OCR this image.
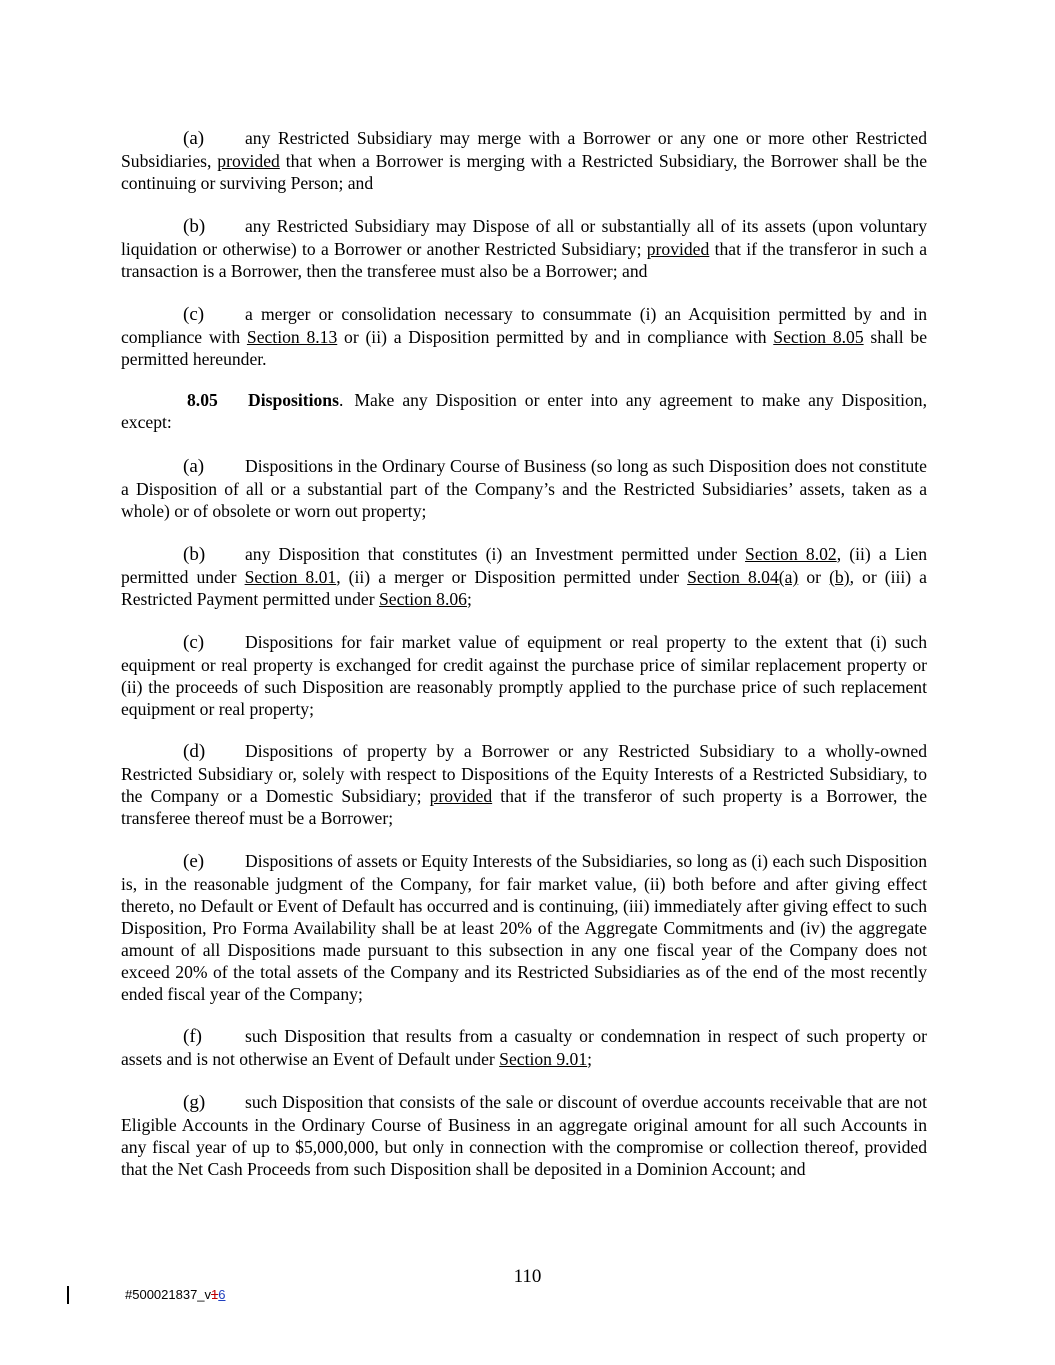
(a) any Restricted Subsidiary may merge with a Borrower or any one or more other Restricted Subsidiaries, provided that when a Borrower is merging with a Restricted Subsidiary, the Borrower shall be the continuing or surviving Person; and

(b) any Restricted Subsidiary may Dispose of all or substantially all of its assets (upon voluntary liquidation or otherwise) to a Borrower or another Restricted Subsidiary; provided that if the transferor in such a transaction is a Borrower, then the transferee must also be a Borrower; and

(c) a merger or consolidation necessary to consummate (i) an Acquisition permitted by and in compliance with Section 8.13 or (ii) a Disposition permitted by and in compliance with Section 8.05 shall be permitted hereunder.

8.05 Dispositions. Make any Disposition or enter into any agreement to make any Disposition, except:

(a) Dispositions in the Ordinary Course of Business (so long as such Disposition does not constitute a Disposition of all or a substantial part of the Company’s and the Restricted Subsidiaries’ assets, taken as a whole) or of obsolete or worn out property;

(b) any Disposition that constitutes (i) an Investment permitted under Section 8.02, (ii) a Lien permitted under Section 8.01, (ii) a merger or Disposition permitted under Section 8.04(a) or (b), or (iii) a Restricted Payment permitted under Section 8.06;

(c) Dispositions for fair market value of equipment or real property to the extent that (i) such equipment or real property is exchanged for credit against the purchase price of similar replacement property or (ii) the proceeds of such Disposition are reasonably promptly applied to the purchase price of such replacement equipment or real property;

(d) Dispositions of property by a Borrower or any Restricted Subsidiary to a wholly-owned Restricted Subsidiary or, solely with respect to Dispositions of the Equity Interests of a Restricted Subsidiary, to the Company or a Domestic Subsidiary; provided that if the transferor of such property is a Borrower, the transferee thereof must be a Borrower;

(e) Dispositions of assets or Equity Interests of the Subsidiaries, so long as (i) each such Disposition is, in the reasonable judgment of the Company, for fair market value, (ii) both before and after giving effect thereto, no Default or Event of Default has occurred and is continuing, (iii) immediately after giving effect to such Disposition, Pro Forma Availability shall be at least 20% of the Aggregate Commitments and (iv) the aggregate amount of all Dispositions made pursuant to this subsection in any one fiscal year of the Company does not exceed 20% of the total assets of the Company and its Restricted Subsidiaries as of the end of the most recently ended fiscal year of the Company;

(f) such Disposition that results from a casualty or condemnation in respect of such property or assets and is not otherwise an Event of Default under Section 9.01;

(g) such Disposition that consists of the sale or discount of overdue accounts receivable that are not Eligible Accounts in the Ordinary Course of Business in an aggregate original amount for all such Accounts in any fiscal year of up to $5,000,000, but only in connection with the compromise or collection thereof, provided that the Net Cash Proceeds from such Disposition shall be deposited in a Dominion Account; and

110
#500021837_v16
